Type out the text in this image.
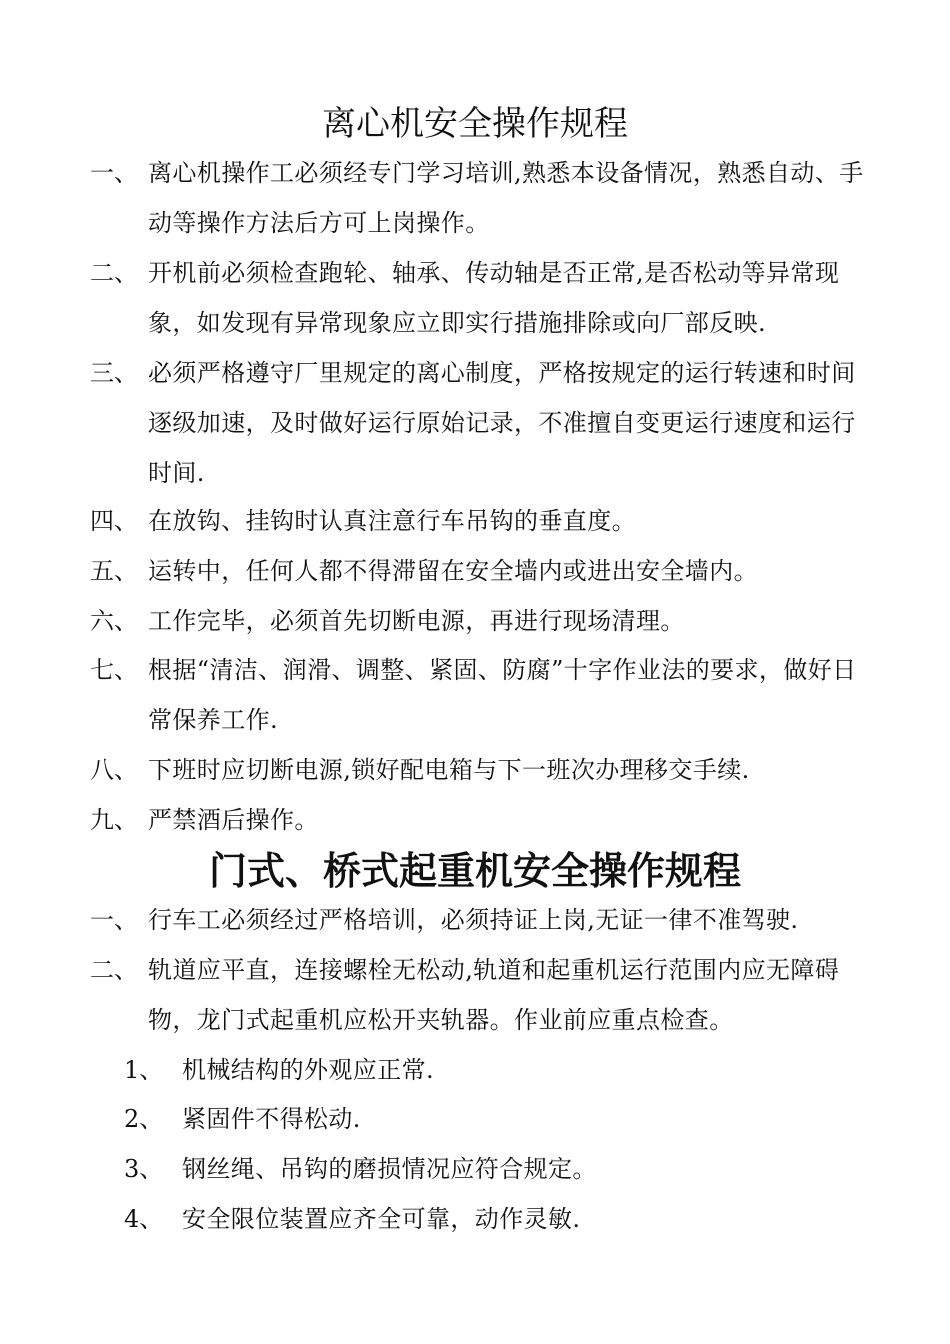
离心机安全操作规程
一、 离心机操作工必须经专门学习培训,熟悉本设备情况，熟悉自动、手动等操作方法后方可上岗操作。
二、 开机前必须检查跑轮、轴承、传动轴是否正常,是否松动等异常现象，如发现有异常现象应立即实行措施排除或向厂部反映.
三、 必须严格遵守厂里规定的离心制度，严格按规定的运行转速和时间逐级加速，及时做好运行原始记录，不准擅自变更运行速度和运行时间.
四、 在放钩、挂钩时认真注意行车吊钩的垂直度。
五、 运转中，任何人都不得滞留在安全墙内或进出安全墙内。
六、 工作完毕，必须首先切断电源，再进行现场清理。
七、 根据“清洁、润滑、调整、紧固、防腐”十字作业法的要求，做好日常保养工作.
八、 下班时应切断电源,锁好配电箱与下一班次办理移交手续.
九、 严禁酒后操作。
门式、桥式起重机安全操作规程
一、 行车工必须经过严格培训，必须持证上岗,无证一律不准驾驶.
二、 轨道应平直，连接螺栓无松动,轨道和起重机运行范围内应无障碍物，龙门式起重机应松开夹轨器。作业前应重点检查。
1、 机械结构的外观应正常.
2、 紧固件不得松动.
3、 钢丝绳、吊钩的磨损情况应符合规定。
4、 安全限位装置应齐全可靠，动作灵敏.
